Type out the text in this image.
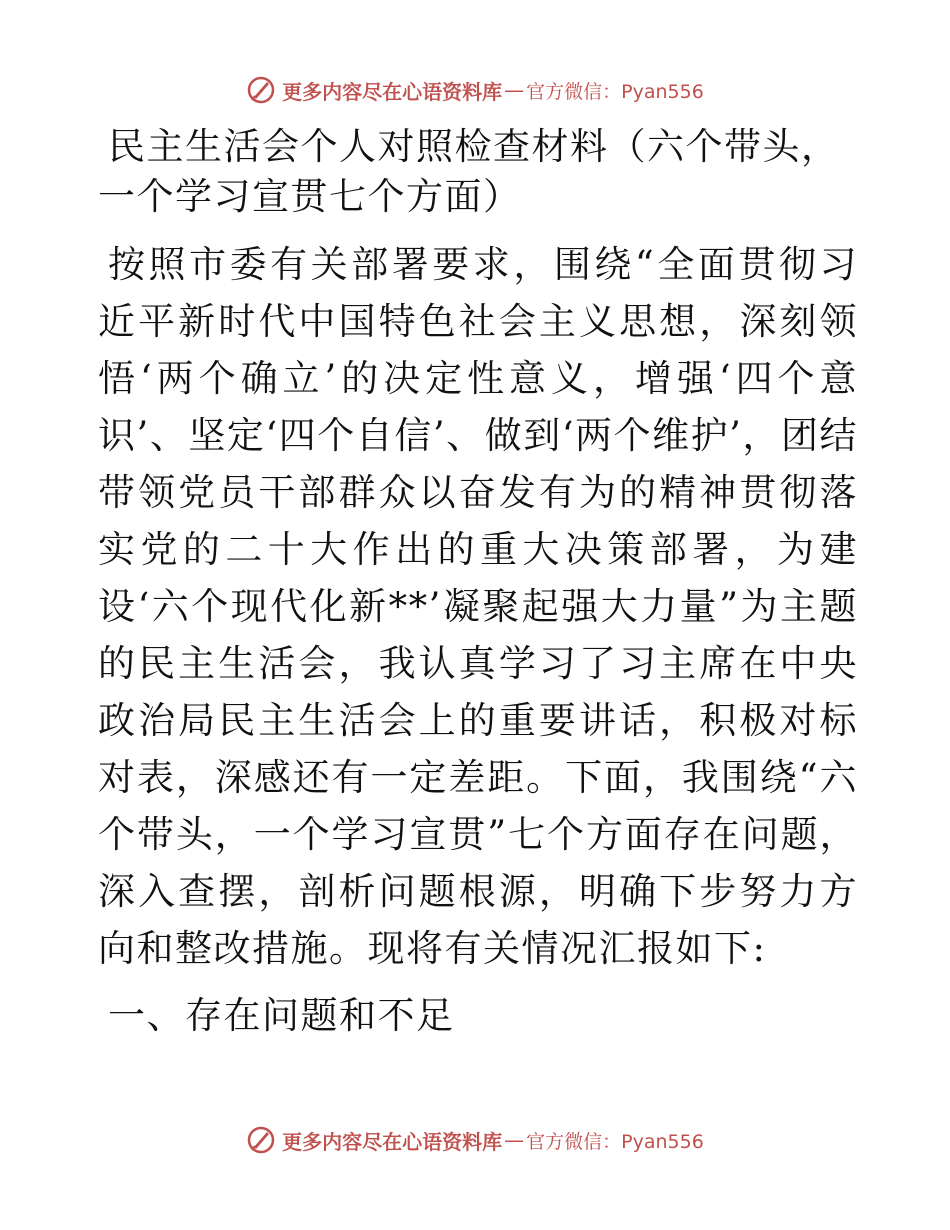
更多内容尽在心语资料库 — 官方微信：Pyan556
民主生活会个人对照检查材料（六个带头，一个学习宣贯七个方面）

按照市委有关部署要求，围绕“全面贯彻习近平新时代中国特色社会主义思想，深刻领悟‘两个确立’的决定性意义，增强‘四个意识’、坚定‘四个自信’、做到‘两个维护’，团结带领党员干部群众以奋发有为的精神贯彻落实党的二十大作出的重大决策部署，为建设‘六个现代化新**’凝聚起强大力量”为主题的民主生活会，我认真学习了习主席在中央政治局民主生活会上的重要讲话，积极对标对表，深感还有一定差距。下面，我围绕“六个带头，一个学习宣贯”七个方面存在问题，深入查摆，剖析问题根源，明确下步努力方向和整改措施。现将有关情况汇报如下:

一、存在问题和不足
更多内容尽在心语资料库 — 官方微信：Pyan556
